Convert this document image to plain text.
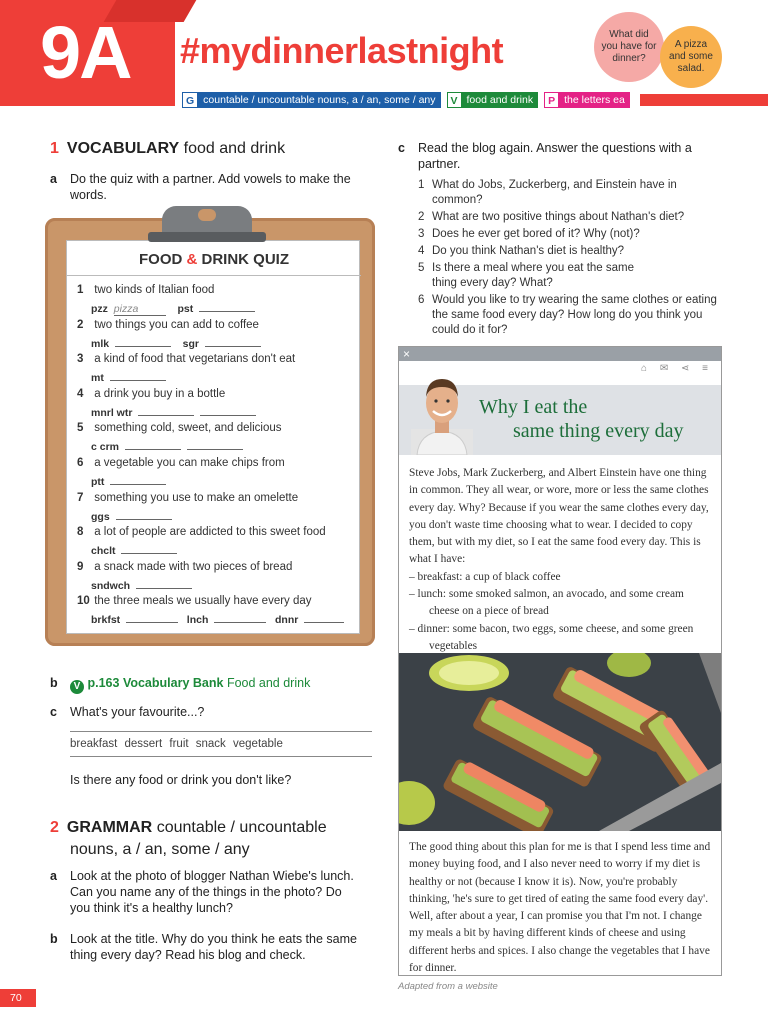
9A #mydinnerlastnight
G countable / uncountable nouns, a / an, some / any	V food and drink	P the letters ea
What did you have for dinner?
A pizza and some salad.
1 VOCABULARY food and drink
a Do the quiz with a partner. Add vowels to make the words.
FOOD & DRINK QUIZ
1 two kinds of Italian food
pzz pizza	pst
2 two things you can add to coffee
mlk	sgr
3 a kind of food that vegetarians don't eat
mt
4 a drink you buy in a bottle
mnrl wtr
5 something cold, sweet, and delicious
c crm
6 a vegetable you can make chips from
ptt
7 something you use to make an omelette
ggs
8 a lot of people are addicted to this sweet food
chclt
9 a snack made with two pieces of bread
sndwch
10 the three meals we usually have every day
brkfst	lnch	dnnr
b V p.163 Vocabulary Bank Food and drink
c What's your favourite...?
breakfast dessert fruit snack vegetable
Is there any food or drink you don't like?
2 GRAMMAR countable / uncountable
nouns, a / an, some / any
a Look at the photo of blogger Nathan Wiebe's lunch. Can you name any of the things in the photo? Do you think it's a healthy lunch?
b Look at the title. Why do you think he eats the same thing every day? Read his blog and check.
c Read the blog again. Answer the questions with a partner.
1 What do Jobs, Zuckerberg, and Einstein have in common?
2 What are two positive things about Nathan's diet?
3 Does he ever get bored of it? Why (not)?
4 Do you think Nathan's diet is healthy?
5 Is there a meal where you eat the same thing every day? What?
6 Would you like to try wearing the same clothes or eating the same food every day? How long do you think you could do it for?
×
⌂ ✉ ⋖ ≡
Why I eat the
same thing every day
Steve Jobs, Mark Zuckerberg, and Albert Einstein have one thing in common. They all wear, or wore, more or less the same clothes every day. Why? Because if you wear the same clothes every day, you don't waste time choosing what to wear. I decided to copy them, but with my diet, so I eat the same food every day. This is what I have:
– breakfast: a cup of black coffee
– lunch: some smoked salmon, an avocado, and some cream cheese on a piece of bread
– dinner: some bacon, two eggs, some cheese, and some green vegetables
The good thing about this plan for me is that I spend less time and money buying food, and I also never need to worry if my diet is healthy or not (because I know it is). Now, you're probably thinking, 'he's sure to get tired of eating the same food every day'. Well, after about a year, I can promise you that I'm not. I change my meals a bit by having different kinds of cheese and using different herbs and spices. I also change the vegetables that I have for dinner.
Adapted from a website
70
